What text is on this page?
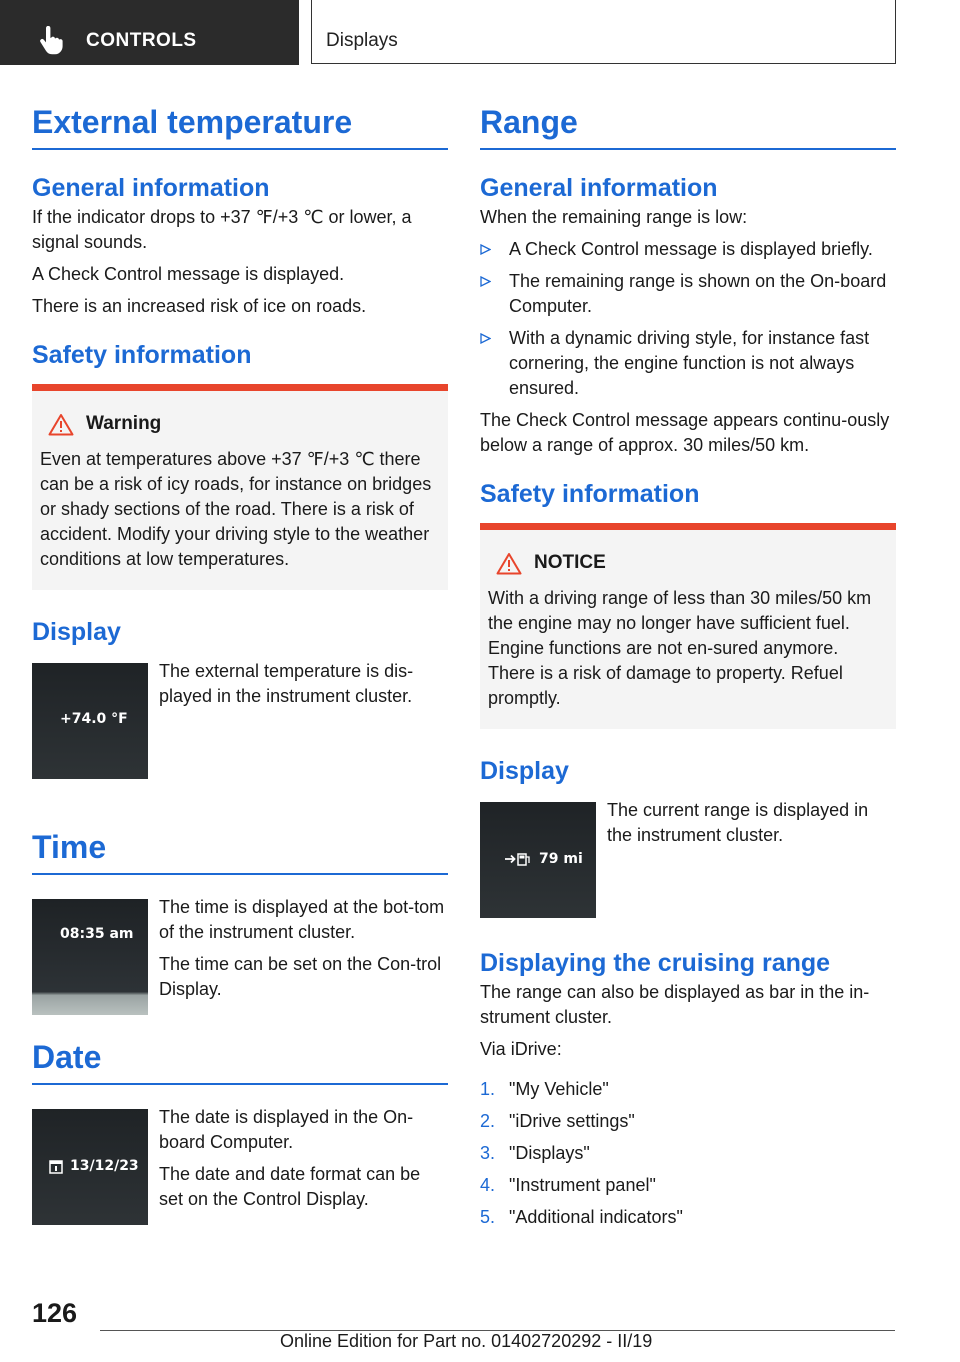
CONTROLS	Displays
External temperature
General information

If the indicator drops to +37 ℉/+3 ℃ or lower, a signal sounds.

A Check Control message is displayed.

There is an increased risk of ice on roads.

Safety information
Warning

Even at temperatures above +37 ℉/+3 ℃ there can be a risk of icy roads, for instance on bridges or shady sections of the road. There is a risk of accident. Modify your driving style to the weather conditions at low temperatures.

Display
+74.0 °F

The external temperature is dis-played in the instrument cluster.

Time
08:35 am

The time is displayed at the bot-tom of the instrument cluster.

The time can be set on the Con-trol Display.

Date
13/12/23

The date is displayed in the On-board Computer.

The date and date format can be set on the Control Display.

Range
General information

When the remaining range is low:

A Check Control message is displayed briefly.
The remaining range is shown on the On-board Computer.
With a dynamic driving style, for instance fast cornering, the engine function is not always ensured.

The Check Control message appears continu-ously below a range of approx. 30 miles/50 km.

Safety information
NOTICE

With a driving range of less than 30 miles/50 km the engine may no longer have sufficient fuel. Engine functions are not en-sured anymore. There is a risk of damage to property. Refuel promptly.

Display
79 mi

The current range is displayed in the instrument cluster.

Displaying the cruising range

The range can also be displayed as bar in the in-strument cluster.

Via iDrive:

1. "My Vehicle"
2. "iDrive settings"
3. "Displays"
4. "Instrument panel"
5. "Additional indicators"
126
Online Edition for Part no. 01402720292 - II/19
